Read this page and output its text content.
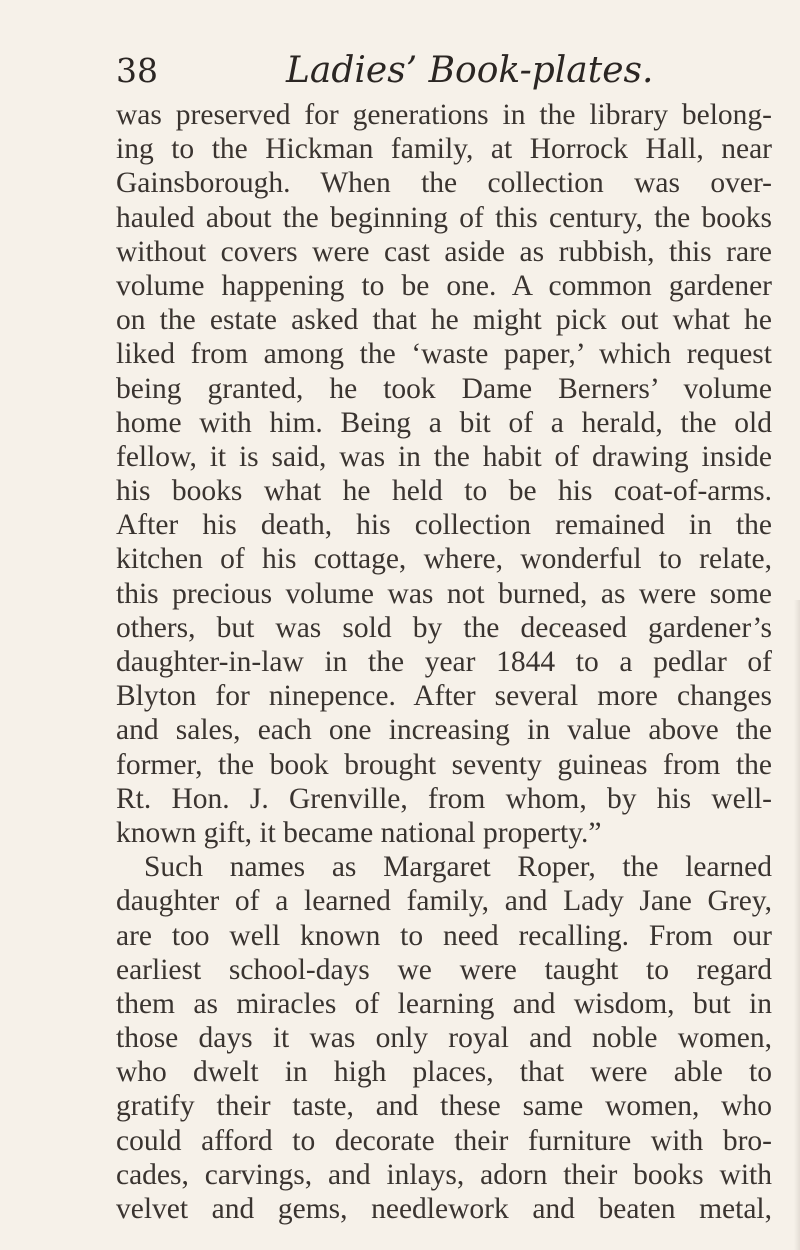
38	Ladies’ Book-plates.
was preserved for generations in the library belong-
ing to the Hickman family, at Horrock Hall, near
Gainsborough. When the collection was over-
hauled about the beginning of this century, the books
without covers were cast aside as rubbish, this rare
volume happening to be one. A common gardener
on the estate asked that he might pick out what he
liked from among the ‘waste paper,’ which request
being granted, he took Dame Berners’ volume
home with him. Being a bit of a herald, the old
fellow, it is said, was in the habit of drawing inside
his books what he held to be his coat-of-arms.
After his death, his collection remained in the
kitchen of his cottage, where, wonderful to relate,
this precious volume was not burned, as were some
others, but was sold by the deceased gardener’s
daughter-in-law in the year 1844 to a pedlar of
Blyton for ninepence. After several more changes
and sales, each one increasing in value above the
former, the book brought seventy guineas from the
Rt. Hon. J. Grenville, from whom, by his well-
known gift, it became national property.”
Such names as Margaret Roper, the learned
daughter of a learned family, and Lady Jane Grey,
are too well known to need recalling. From our
earliest school-days we were taught to regard
them as miracles of learning and wisdom, but in
those days it was only royal and noble women,
who dwelt in high places, that were able to
gratify their taste, and these same women, who
could afford to decorate their furniture with bro-
cades, carvings, and inlays, adorn their books with
velvet and gems, needlework and beaten metal,
